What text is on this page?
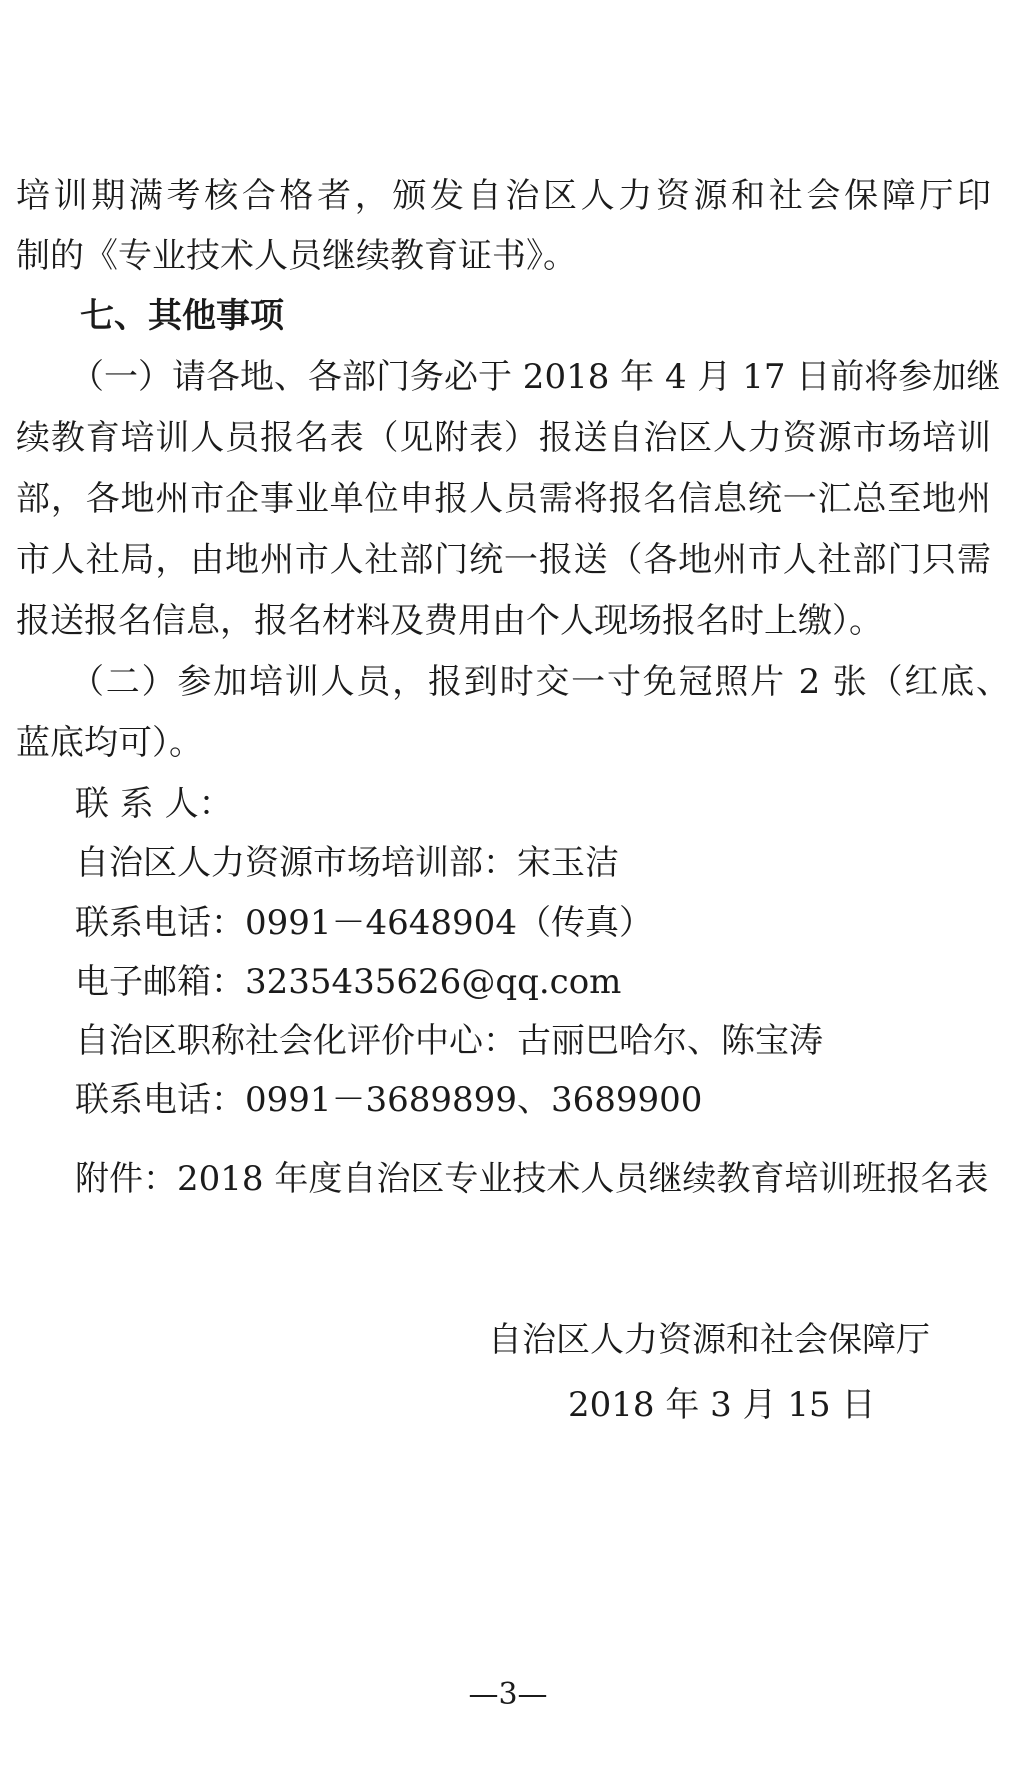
培训期满考核合格者，颁发自治区人力资源和社会保障厅印
制的《专业技术人员继续教育证书》。
七、其他事项
（一）请各地、各部门务必于 2018 年 4 月 17 日前将参加继
续教育培训人员报名表（见附表）报送自治区人力资源市场培训
部，各地州市企事业单位申报人员需将报名信息统一汇总至地州
市人社局，由地州市人社部门统一报送（各地州市人社部门只需
报送报名信息，报名材料及费用由个人现场报名时上缴）。
（二）参加培训人员，报到时交一寸免冠照片 2 张（红底、
蓝底均可）。
联 系 人：
自治区人力资源市场培训部：宋玉洁
联系电话：0991－4648904（传真）
电子邮箱：3235435626@qq.com
自治区职称社会化评价中心：古丽巴哈尔、陈宝涛
联系电话：0991－3689899、3689900
附件：2018 年度自治区专业技术人员继续教育培训班报名表
自治区人力资源和社会保障厅
2018 年 3 月 15 日
—3—
